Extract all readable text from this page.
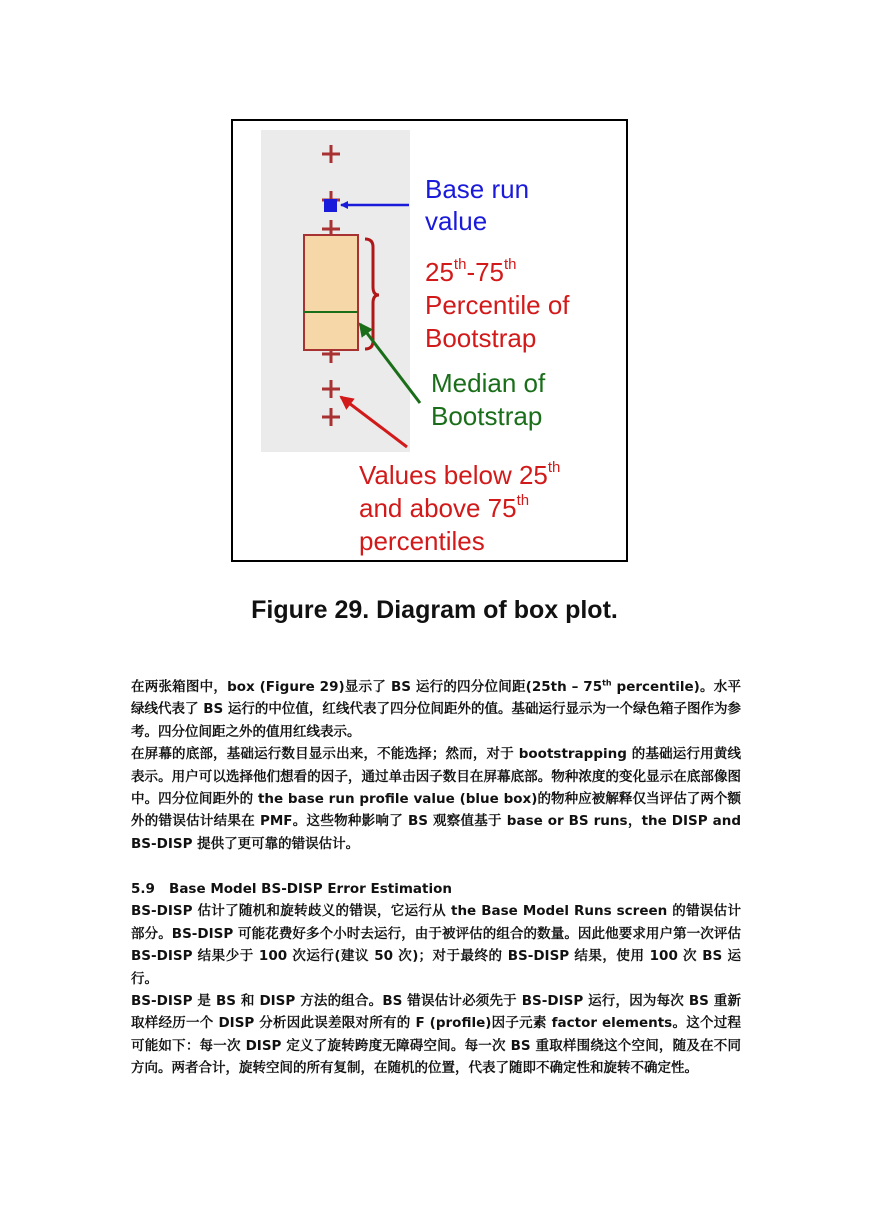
Base run
value
25th-75th
Percentile of
Bootstrap
Median of
Bootstrap
Values below 25th
and above 75th
percentiles
Figure 29. Diagram of box plot.

在两张箱图中，box (Figure 29)显示了 BS 运行的四分位间距(25th – 75th percentile)。水平绿线代表了 BS 运行的中位值，红线代表了四分位间距外的值。基础运行显示为一个绿色箱子图作为参考。四分位间距之外的值用红线表示。

在屏幕的底部，基础运行数目显示出来，不能选择；然而，对于 bootstrapping 的基础运行用黄线表示。用户可以选择他们想看的因子，通过单击因子数目在屏幕底部。物种浓度的变化显示在底部像图中。四分位间距外的 the base run profile value (blue box)的物种应被解释仅当评估了两个额外的错误估计结果在 PMF。这些物种影响了 BS 观察值基于 base or BS runs，the DISP and BS-DISP 提供了更可靠的错误估计。

5.9 Base Model BS-DISP Error Estimation

BS-DISP 估计了随机和旋转歧义的错误，它运行从 the Base Model Runs screen 的错误估计部分。BS-DISP 可能花费好多个小时去运行，由于被评估的组合的数量。因此他要求用户第一次评估 BS-DISP 结果少于 100 次运行(建议 50 次)；对于最终的 BS-DISP 结果，使用 100 次 BS 运行。

BS-DISP 是 BS 和 DISP 方法的组合。BS 错误估计必须先于 BS-DISP 运行，因为每次 BS 重新取样经历一个 DISP 分析因此误差限对所有的 F (profile)因子元素 factor elements。这个过程可能如下：每一次 DISP 定义了旋转跨度无障碍空间。每一次 BS 重取样围绕这个空间，随及在不同方向。两者合计，旋转空间的所有复制，在随机的位置，代表了随即不确定性和旋转不确定性。
